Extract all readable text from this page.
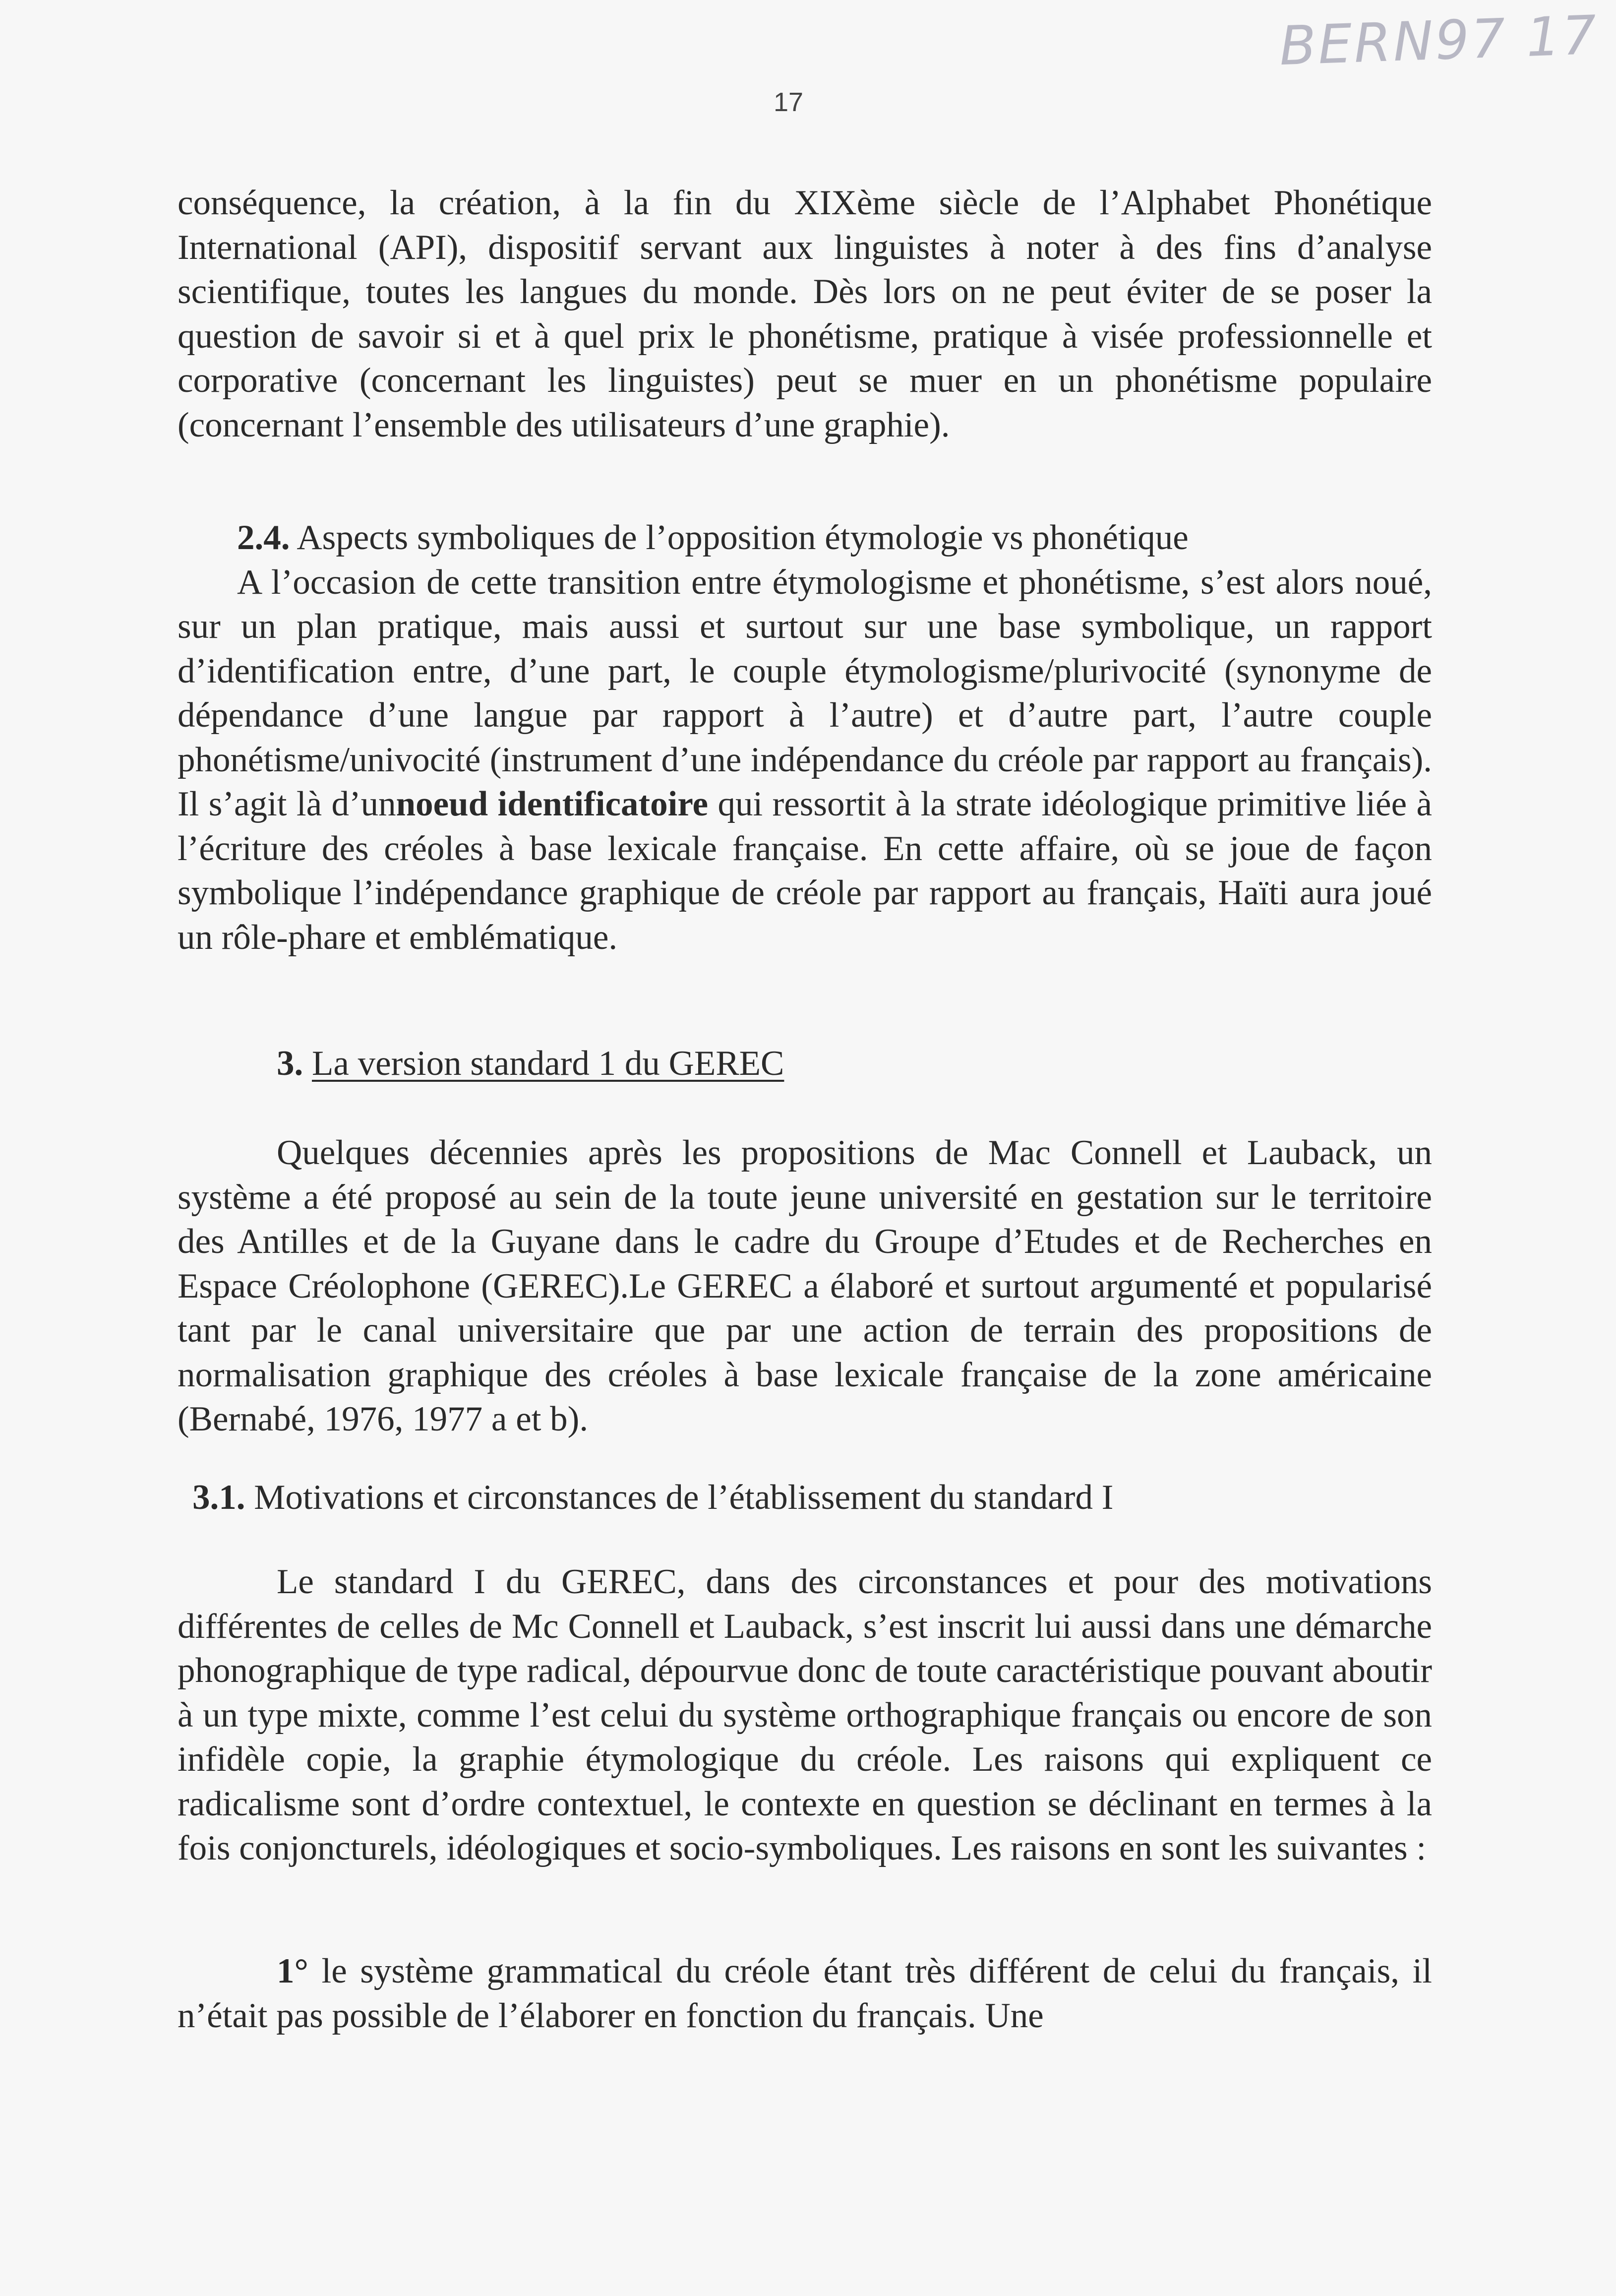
BERN97 17
17

conséquence, la création, à la fin du XIXème siècle de l’Alphabet Phonétique International (API), dispositif servant aux linguistes à noter à des fins d’analyse scientifique, toutes les langues du monde. Dès lors on ne peut éviter de se poser la question de savoir si et à quel prix le phonétisme, pratique à visée professionnelle et corporative (concernant les linguistes) peut se muer en un phonétisme populaire (concernant l’ensemble des utilisateurs d’une graphie).

2.4. Aspects symboliques de l’opposition étymologie vs phonétique

A l’occasion de cette transition entre étymologisme et phonétisme, s’est alors noué, sur un plan pratique, mais aussi et surtout sur une base symbolique, un rapport d’identification entre, d’une part, le couple étymologisme/plurivocité (synonyme de dépendance d’une langue par rapport à l’autre) et d’autre part, l’autre couple phonétisme/univocité (instrument d’une indépendance du créole par rapport au français). Il s’agit là d’unnoeud identificatoire qui ressortit à la strate idéologique primitive liée à l’écriture des créoles à base lexicale française. En cette affaire, où se joue de façon symbolique l’indépendance graphique de créole par rapport au français, Haïti aura joué un rôle-phare et emblématique.

3. La version standard 1 du GEREC

Quelques décennies après les propositions de Mac Connell et Lauback, un système a été proposé au sein de la toute jeune université en gestation sur le territoire des Antilles et de la Guyane dans le cadre du Groupe d’Etudes et de Recherches en Espace Créolophone (GEREC).Le GEREC a élaboré et surtout argumenté et popularisé tant par le canal universitaire que par une action de terrain des propositions de normalisation graphique des créoles à base lexicale française de la zone américaine (Bernabé, 1976, 1977 a et b).

3.1. Motivations et circonstances de l’établissement du standard I

Le standard I du GEREC, dans des circonstances et pour des motivations différentes de celles de Mc Connell et Lauback, s’est inscrit lui aussi dans une démarche phonographique de type radical, dépourvue donc de toute caractéristique pouvant aboutir à un type mixte, comme l’est celui du système orthographique français ou encore de son infidèle copie, la graphie étymologique du créole. Les raisons qui expliquent ce radicalisme sont d’ordre contextuel, le contexte en question se déclinant en termes à la fois conjoncturels, idéologiques et socio-symboliques. Les raisons en sont les suivantes :

1° le système grammatical du créole étant très différent de celui du français, il n’était pas possible de l’élaborer en fonction du français. Une
